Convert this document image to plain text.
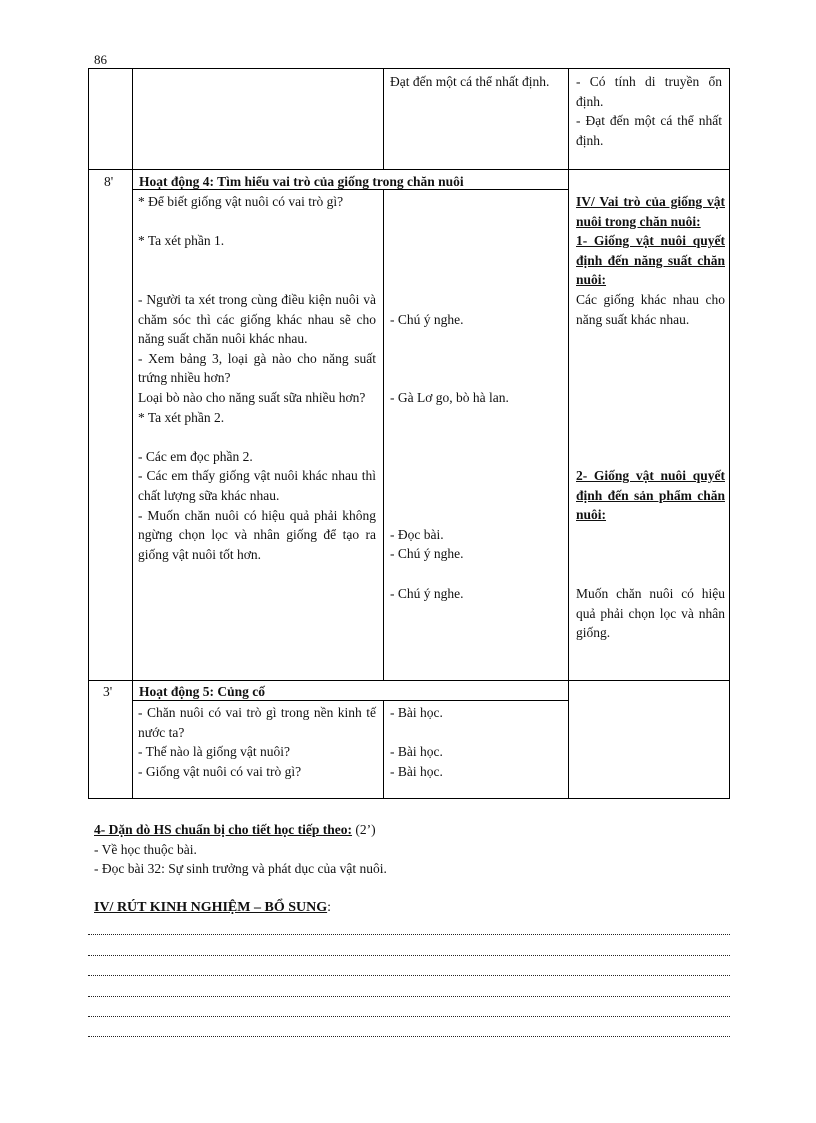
86

Đạt đến một cá thể nhất định.	- Có tính di truyền ổn định.

- Đạt đến một cá thể nhất định.

8' Hoạt động 4: Tìm hiểu vai trò của giống trong chăn nuôi

* Để biết giống vật nuôi có vai trò gì?

* Ta xét phần 1.

- Người ta xét trong cùng điều kiện nuôi và chăm sóc thì các giống khác nhau sẽ cho năng suất chăn nuôi khác nhau.

- Xem bảng 3, loại gà nào cho năng suất trứng nhiều hơn?

Loại bò nào cho năng suất sữa nhiều hơn?

* Ta xét phần 2.

- Các em đọc phần 2.

- Các em thấy giống vật nuôi khác nhau thì chất lượng sữa khác nhau.

- Muốn chăn nuôi có hiệu quả phải không ngừng chọn lọc và nhân giống để tạo ra giống vật nuôi tốt hơn.

- Chú ý nghe.
- Gà Lơ go, bò hà lan.
- Đọc bài.
- Chú ý nghe.
- Chú ý nghe.

IV/ Vai trò của giống vật nuôi trong chăn nuôi:

1- Giống vật nuôi quyết định đến năng suất chăn nuôi:

Các giống khác nhau cho năng suất khác nhau.

2- Giống vật nuôi quyết định đến sản phẩm chăn nuôi:

Muốn chăn nuôi có hiệu quả phải chọn lọc và nhân giống.

3' Hoạt động 5: Củng cố

- Chăn nuôi có vai trò gì trong nền kinh tế nước ta?

- Thế nào là giống vật nuôi?

- Giống vật nuôi có vai trò gì?

- Bài học.

- Bài học.

- Bài học.

4- Dặn dò HS chuẩn bị cho tiết học tiếp theo: (2’)
- Về học thuộc bài.
- Đọc bài 32: Sự sinh trưởng và phát dục của vật nuôi.
IV/ RÚT KINH NGHIỆM – BỔ SUNG:
